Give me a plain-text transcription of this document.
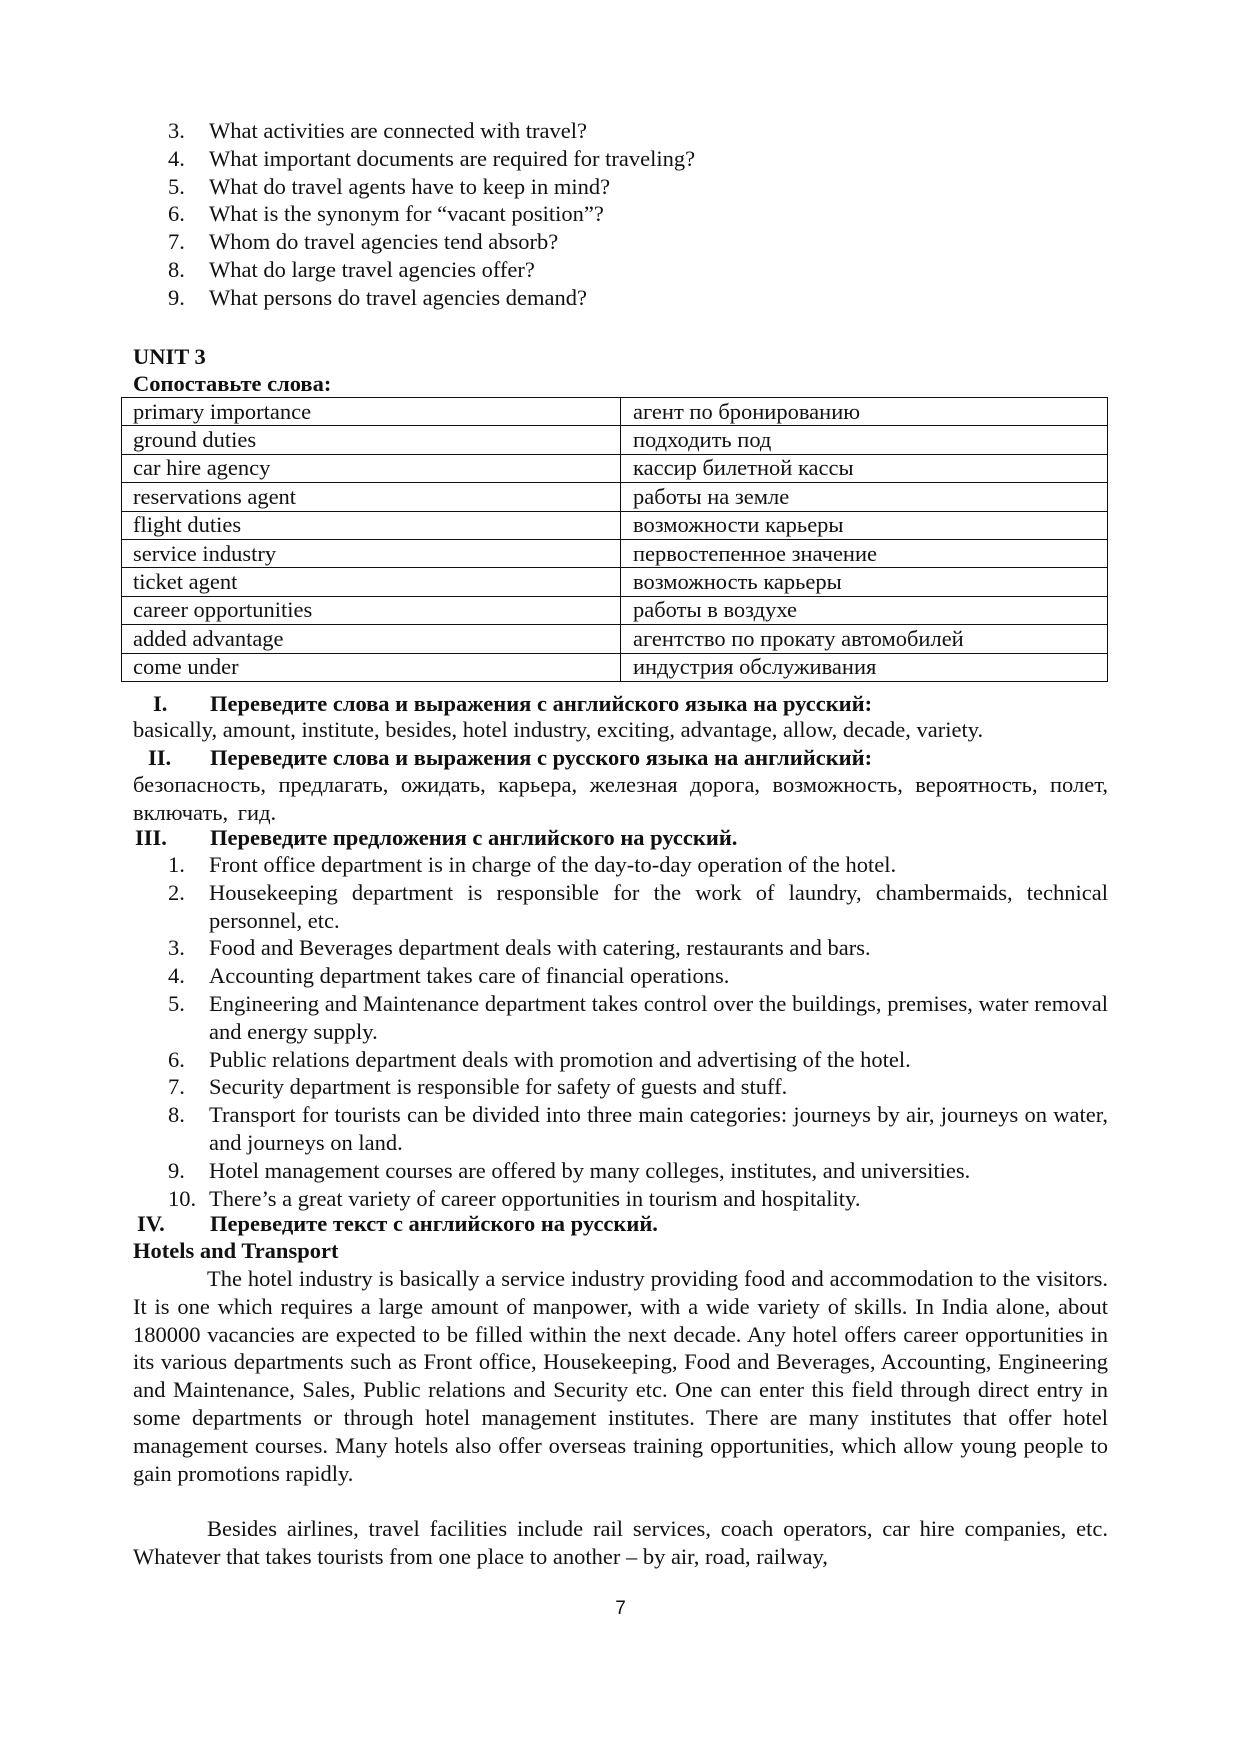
3.	What activities are connected with travel?
4.	What important documents are required for traveling?
5.	What do travel agents have to keep in mind?
6.	What is the synonym for “vacant position”?
7.	Whom do travel agencies tend absorb?
8.	What do large travel agencies offer?
9.	What persons do travel agencies demand?
UNIT 3
Сопоставьте слова:
primary importance	агент по бронированию
ground duties	подходить под
car hire agency	кассир билетной кассы
reservations agent	работы на земле
flight duties	возможности карьеры
service industry	первостепенное значение
ticket agent	возможность карьеры
career opportunities	работы в воздухе
added advantage	агентство по прокату автомобилей
come under	индустрия обслуживания
I.	Переведите слова и выражения с английского языка на русский:
basically, amount, institute, besides, hotel industry, exciting, advantage, allow, decade, variety.
II.	Переведите слова и выражения с русского языка на английский:
безопасность, предлагать, ожидать, карьера, железная дорога, возможность, вероятность, полет, включать, гид.
III.	Переведите предложения с английского на русский.
1.	Front office department is in charge of the day-to-day operation of the hotel.
2.	Housekeeping department is responsible for the work of laundry, chambermaids, technical personnel, etc.
3.	Food and Beverages department deals with catering, restaurants and bars.
4.	Accounting department takes care of financial operations.
5.	Engineering and Maintenance department takes control over the buildings, premises, water removal and energy supply.
6.	Public relations department deals with promotion and advertising of the hotel.
7.	Security department is responsible for safety of guests and stuff.
8.	Transport for tourists can be divided into three main categories: journeys by air, journeys on water, and journeys on land.
9.	Hotel management courses are offered by many colleges, institutes, and universities.
10. There’s a great variety of career opportunities in tourism and hospitality.
IV.	Переведите текст с английского на русский.
Hotels and Transport
The hotel industry is basically a service industry providing food and accommodation to the visitors. It is one which requires a large amount of manpower, with a wide variety of skills. In India alone, about 180000 vacancies are expected to be filled within the next decade. Any hotel offers career opportunities in its various departments such as Front office, Housekeeping, Food and Beverages, Accounting, Engineering and Maintenance, Sales, Public relations and Security etc. One can enter this field through direct entry in some departments or through hotel management institutes. There are many institutes that offer hotel management courses. Many hotels also offer overseas training opportunities, which allow young people to gain promotions rapidly.
Besides airlines, travel facilities include rail services, coach operators, car hire companies, etc. Whatever that takes tourists from one place to another – by air, road, railway,
7
